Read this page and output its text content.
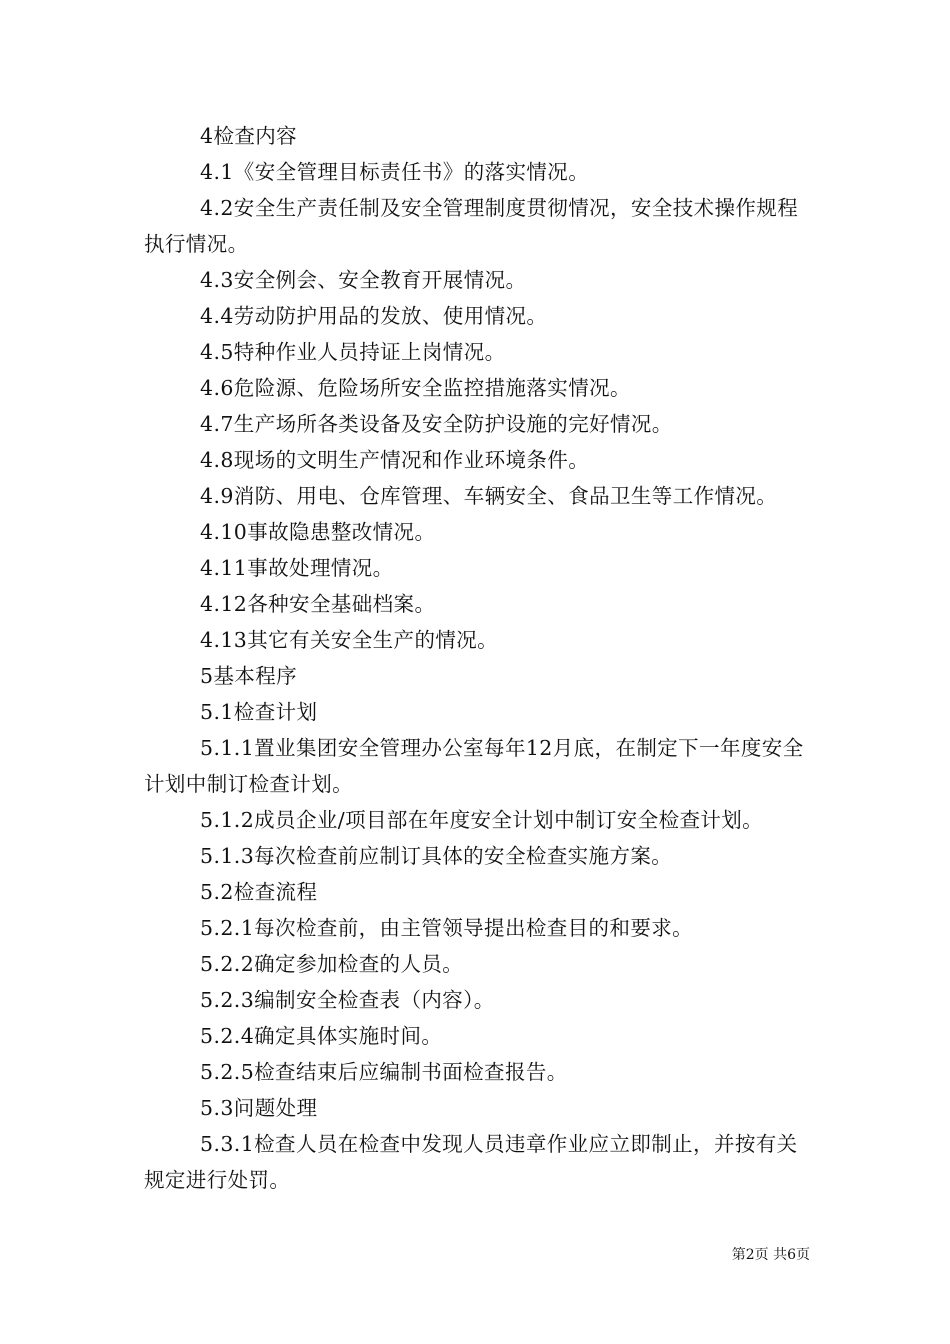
4检查内容

4.1《安全管理目标责任书》的落实情况。

4.2安全生产责任制及安全管理制度贯彻情况，安全技术操作规程执行情况。

4.3安全例会、安全教育开展情况。

4.4劳动防护用品的发放、使用情况。

4.5特种作业人员持证上岗情况。

4.6危险源、危险场所安全监控措施落实情况。

4.7生产场所各类设备及安全防护设施的完好情况。

4.8现场的文明生产情况和作业环境条件。

4.9消防、用电、仓库管理、车辆安全、食品卫生等工作情况。

4.10事故隐患整改情况。

4.11事故处理情况。

4.12各种安全基础档案。

4.13其它有关安全生产的情况。

5基本程序

5.1检查计划

5.1.1置业集团安全管理办公室每年12月底，在制定下一年度安全计划中制订检查计划。

5.1.2成员企业/项目部在年度安全计划中制订安全检查计划。

5.1.3每次检查前应制订具体的安全检查实施方案。

5.2检查流程

5.2.1每次检查前，由主管领导提出检查目的和要求。

5.2.2确定参加检查的人员。

5.2.3编制安全检查表（内容）。

5.2.4确定具体实施时间。

5.2.5检查结束后应编制书面检查报告。

5.3问题处理

5.3.1检查人员在检查中发现人员违章作业应立即制止，并按有关规定进行处罚。

第2页 共6页
